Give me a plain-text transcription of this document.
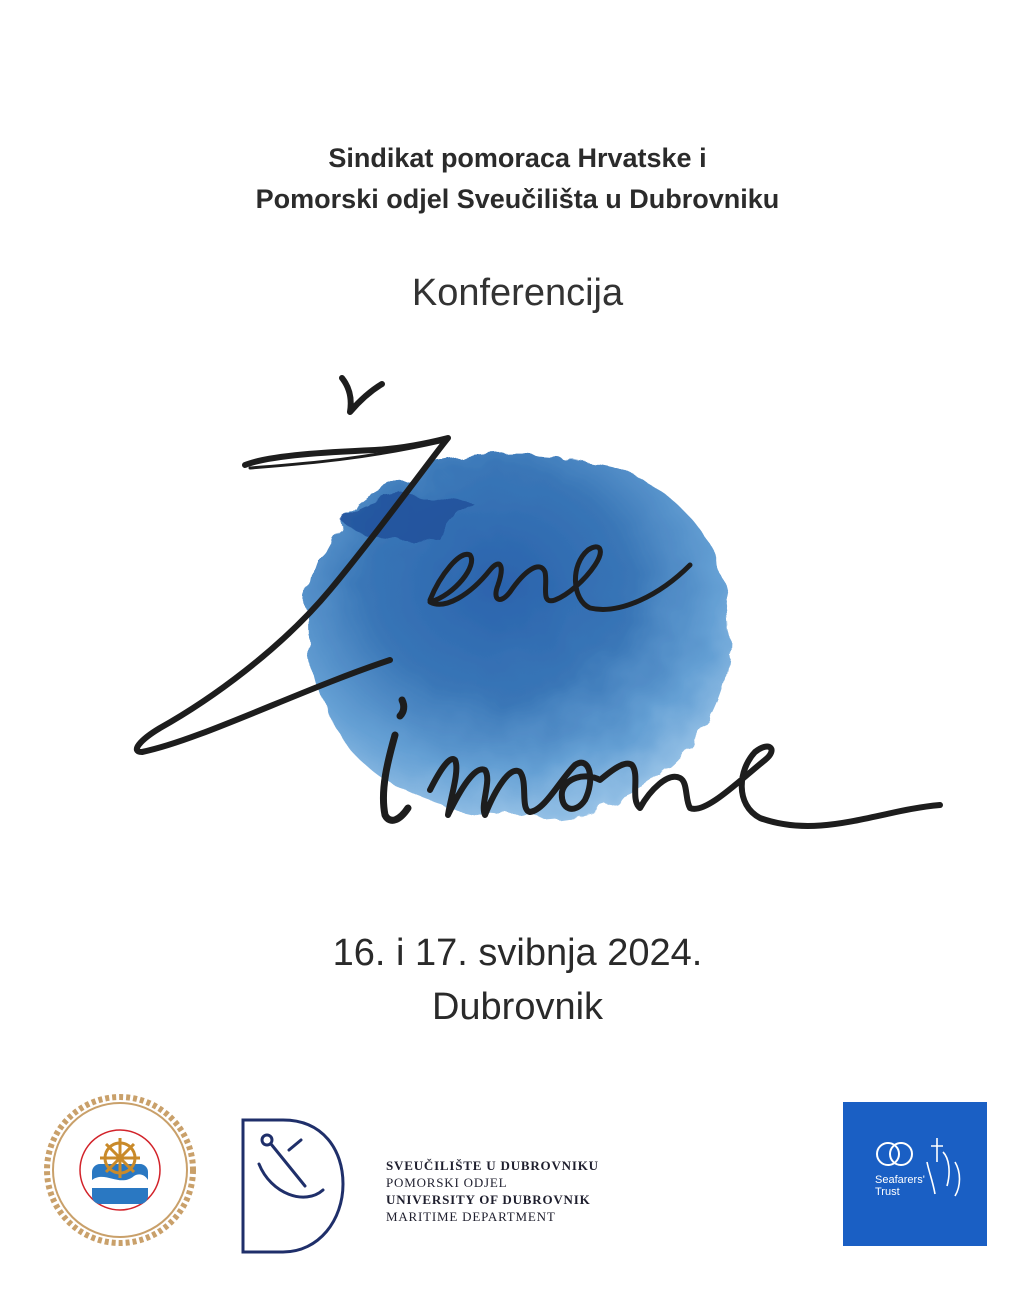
Sindikat pomoraca Hrvatske i
Pomorski odjel Sveučilišta u Dubrovniku
Konferencija
16. i 17. svibnja 2024.
Dubrovnik
SVEUČILIŠTE U DUBROVNIKU
POMORSKI ODJEL
UNIVERSITY OF DUBROVNIK
MARITIME DEPARTMENT
Seafarers'
Trust
